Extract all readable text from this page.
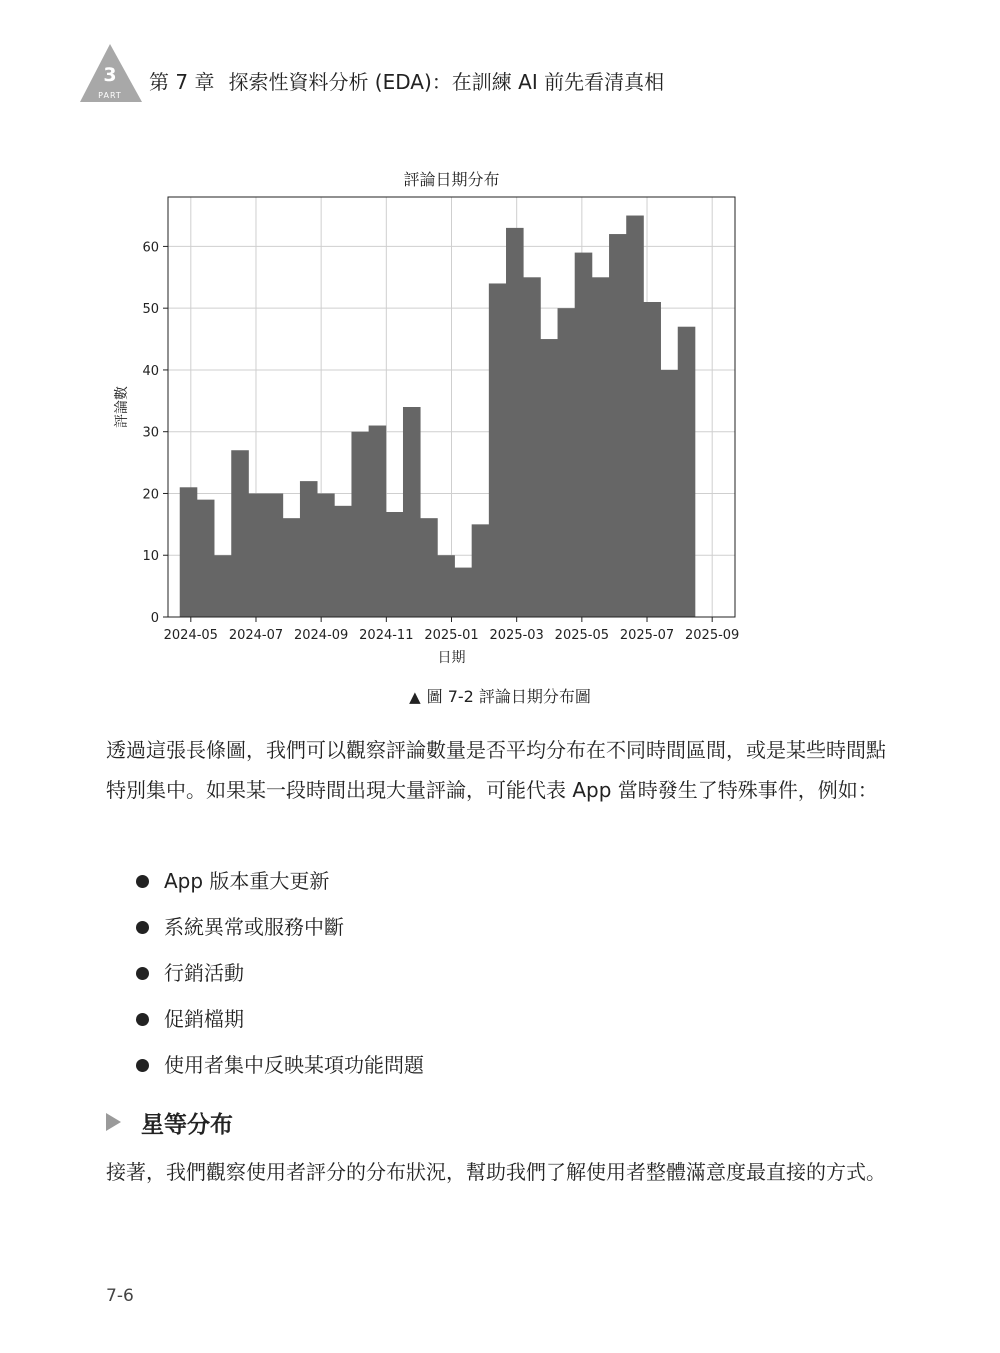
3
PART
第 7 章 探索性資料分析 (EDA)：在訓練 AI 前先看清真相
0
10
20
30
40
50
60
2024-05 2024-07 2024-09 2024-11 2025-01 2025-03 2025-05 2025-07 2025-09
評論日期分布
日期
評論數
▲ 圖 7-2 評論日期分布圖
透過這張長條圖，我們可以觀察評論數量是否平均分布在不同時間區間，或是某些時間點特別集中。如果某一段時間出現大量評論，可能代表 App 當時發生了特殊事件，例如：
App 版本重大更新
系統異常或服務中斷
行銷活動
促銷檔期
使用者集中反映某項功能問題
星等分布
接著，我們觀察使用者評分的分布狀況，幫助我們了解使用者整體滿意度最直接的方式。
7-6
